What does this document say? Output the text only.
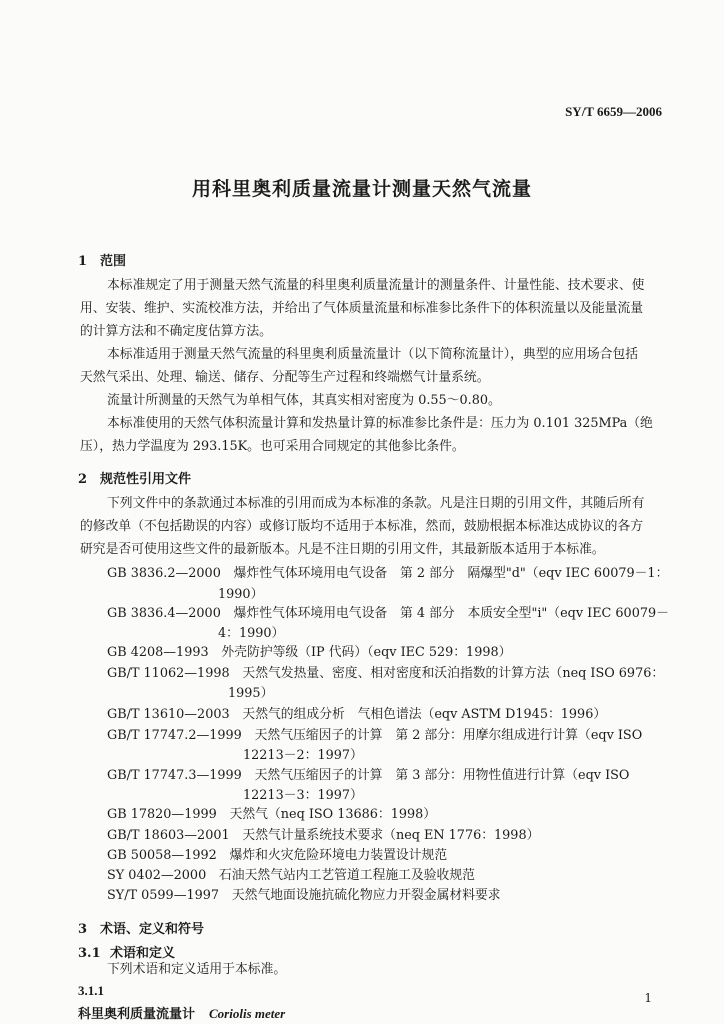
SY/T 6659—2006
用科里奥利质量流量计测量天然气流量
1 范围
本标准规定了用于测量天然气流量的科里奥利质量流量计的测量条件、计量性能、技术要求、使
用、安装、维护、实流校准方法，并给出了气体质量流量和标准参比条件下的体积流量以及能量流量
的计算方法和不确定度估算方法。
本标准适用于测量天然气流量的科里奥利质量流量计（以下简称流量计），典型的应用场合包括
天然气采出、处理、输送、储存、分配等生产过程和终端燃气计量系统。
流量计所测量的天然气为单相气体，其真实相对密度为 0.55～0.80。
本标准使用的天然气体积流量计算和发热量计算的标准参比条件是：压力为 0.101 325MPa（绝
压），热力学温度为 293.15K。也可采用合同规定的其他参比条件。
2 规范性引用文件
下列文件中的条款通过本标准的引用而成为本标准的条款。凡是注日期的引用文件，其随后所有
的修改单（不包括勘误的内容）或修订版均不适用于本标准，然而，鼓励根据本标准达成协议的各方
研究是否可使用这些文件的最新版本。凡是不注日期的引用文件，其最新版本适用于本标准。
GB 3836.2—2000　爆炸性气体环境用电气设备　第 2 部分　隔爆型"d"（eqv IEC 60079－1：
1990）
GB 3836.4—2000　爆炸性气体环境用电气设备　第 4 部分　本质安全型"i"（eqv IEC 60079－
4：1990）
GB 4208—1993　外壳防护等级（IP 代码）（eqv IEC 529：1998）
GB/T 11062—1998　天然气发热量、密度、相对密度和沃泊指数的计算方法（neq ISO 6976：
1995）
GB/T 13610—2003　天然气的组成分析　气相色谱法（eqv ASTM D1945：1996）
GB/T 17747.2—1999　天然气压缩因子的计算　第 2 部分：用摩尔组成进行计算（eqv ISO
12213－2：1997）
GB/T 17747.3—1999　天然气压缩因子的计算　第 3 部分：用物性值进行计算（eqv ISO
12213－3：1997）
GB 17820—1999　天然气（neq ISO 13686：1998）
GB/T 18603—2001　天然气计量系统技术要求（neq EN 1776：1998）
GB 50058—1992　爆炸和火灾危险环境电力装置设计规范
SY 0402—2000　石油天然气站内工艺管道工程施工及验收规范
SY/T 0599—1997　天然气地面设施抗硫化物应力开裂金属材料要求
3 术语、定义和符号
3.1 术语和定义
下列术语和定义适用于本标准。
3.1.1
科里奥利质量流量计 Coriolis meter
1
